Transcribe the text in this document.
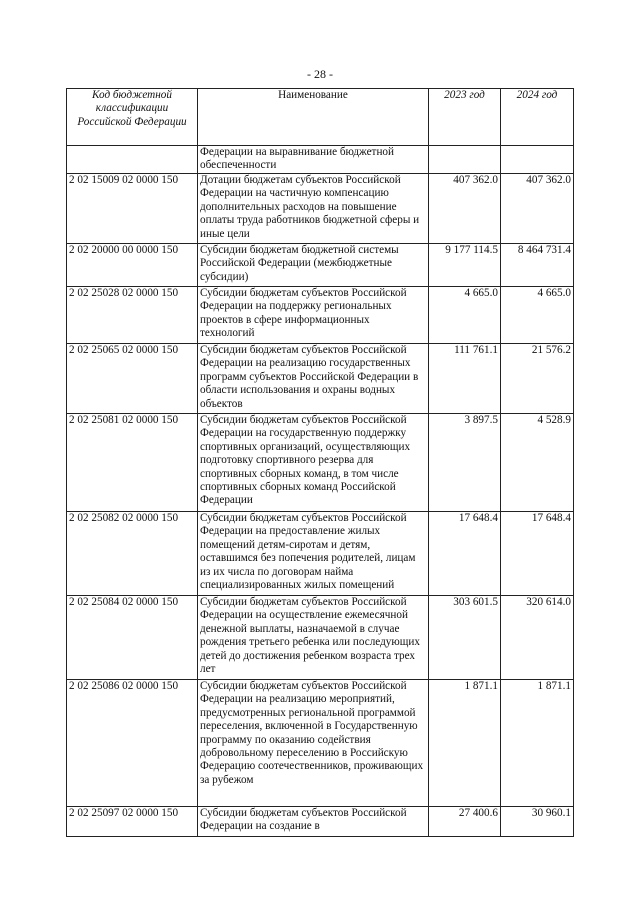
- 28 -
Код бюджетной классификации Российской Федерации	Наименование	2023 год	2024 год
	Федерации на выравнивание бюджетной обеспеченности		
2 02 15009 02 0000 150	Дотации бюджетам субъектов Российской Федерации на частичную компенсацию дополнительных расходов на повышение оплаты труда работников бюджетной сферы и иные цели	407 362.0	407 362.0
2 02 20000 00 0000 150	Субсидии бюджетам бюджетной системы Российской Федерации (межбюджетные субсидии)	9 177 114.5	8 464 731.4
2 02 25028 02 0000 150	Субсидии бюджетам субъектов Российской Федерации на поддержку региональных проектов в сфере информационных технологий	4 665.0	4 665.0
2 02 25065 02 0000 150	Субсидии бюджетам субъектов Российской Федерации на реализацию государственных программ субъектов Российской Федерации в области использования и охраны водных объектов	111 761.1	21 576.2
2 02 25081 02 0000 150	Субсидии бюджетам субъектов Российской Федерации на государственную поддержку спортивных организаций, осуществляющих подготовку спортивного резерва для спортивных сборных команд, в том числе спортивных сборных команд Российской Федерации	3 897.5	4 528.9
2 02 25082 02 0000 150	Субсидии бюджетам субъектов Российской Федерации на предоставление жилых помещений детям-сиротам и детям, оставшимся без попечения родителей, лицам из их числа по договорам найма специализированных жилых помещений	17 648.4	17 648.4
2 02 25084 02 0000 150	Субсидии бюджетам субъектов Российской Федерации на осуществление ежемесячной денежной выплаты, назначаемой в случае рождения третьего ребенка или последующих детей до достижения ребенком возраста трех лет	303 601.5	320 614.0
2 02 25086 02 0000 150	Субсидии бюджетам субъектов Российской Федерации на реализацию мероприятий, предусмотренных региональной программой переселения, включенной в Государственную программу по оказанию содействия добровольному переселению в Российскую Федерацию соотечественников, проживающих за рубежом	1 871.1	1 871.1
2 02 25097 02 0000 150	Субсидии бюджетам субъектов Российской Федерации на создание в	27 400.6	30 960.1
